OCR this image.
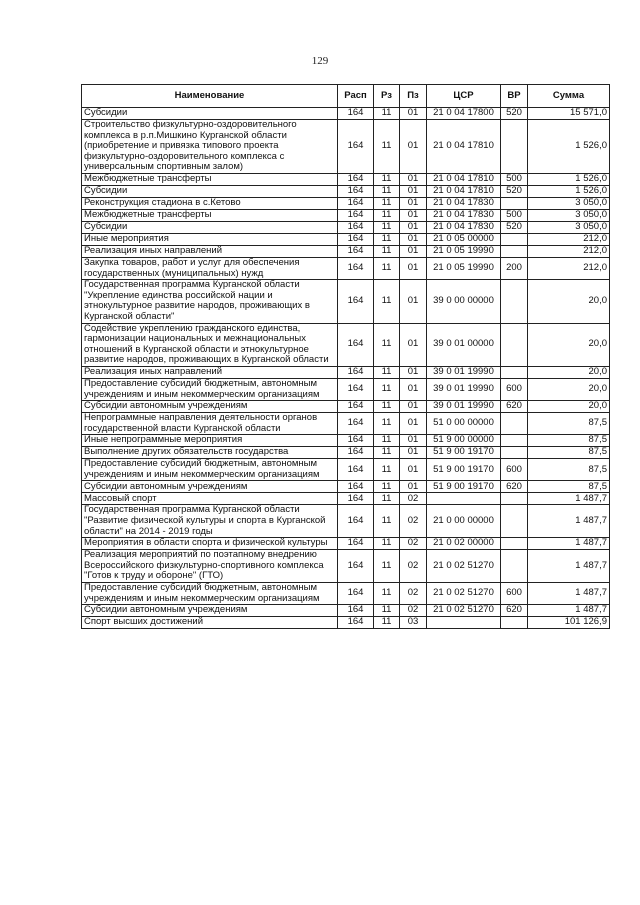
129
Наименование	Расп	Рз	Пз	ЦСР	ВР	Сумма
Субсидии	164	11	01	21 0 04 17800	520	15 571,0
Строительство физкультурно-оздоровительного комплекса в р.п.Мишкино Курганской области (приобретение и привязка типового проекта физкультурно-оздоровительного комплекса с универсальным спортивным залом)	164	11	01	21 0 04 17810		1 526,0
Межбюджетные трансферты	164	11	01	21 0 04 17810	500	1 526,0
Субсидии	164	11	01	21 0 04 17810	520	1 526,0
Реконструкция стадиона в с.Кетово	164	11	01	21 0 04 17830		3 050,0
Межбюджетные трансферты	164	11	01	21 0 04 17830	500	3 050,0
Субсидии	164	11	01	21 0 04 17830	520	3 050,0
Иные мероприятия	164	11	01	21 0 05 00000		212,0
Реализация иных направлений	164	11	01	21 0 05 19990		212,0
Закупка товаров, работ и услуг для обеспечения государственных (муниципальных) нужд	164	11	01	21 0 05 19990	200	212,0
Государственная программа Курганской области "Укрепление единства российской нации и этнокультурное развитие народов, проживающих в Курганской области"	164	11	01	39 0 00 00000		20,0
Содействие укреплению гражданского единства, гармонизации национальных и межнациональных отношений в Курганской области и этнокультурное развитие народов, проживающих в Курганской области	164	11	01	39 0 01 00000		20,0
Реализация иных направлений	164	11	01	39 0 01 19990		20,0
Предоставление субсидий бюджетным, автономным учреждениям и иным некоммерческим организациям	164	11	01	39 0 01 19990	600	20,0
Субсидии автономным учреждениям	164	11	01	39 0 01 19990	620	20,0
Непрограммные направления деятельности органов государственной власти Курганской области	164	11	01	51 0 00 00000		87,5
Иные непрограммные мероприятия	164	11	01	51 9 00 00000		87,5
Выполнение других обязательств государства	164	11	01	51 9 00 19170		87,5
Предоставление субсидий бюджетным, автономным учреждениям и иным некоммерческим организациям	164	11	01	51 9 00 19170	600	87,5
Субсидии автономным учреждениям	164	11	01	51 9 00 19170	620	87,5
Массовый спорт	164	11	02			1 487,7
Государственная программа Курганской области "Развитие физической культуры и спорта в Курганской области" на 2014 - 2019 годы	164	11	02	21 0 00 00000		1 487,7
Мероприятия в области спорта и физической культуры	164	11	02	21 0 02 00000		1 487,7
Реализация мероприятий по поэтапному внедрению Всероссийского физкультурно-спортивного комплекса "Готов к труду и обороне" (ГТО)	164	11	02	21 0 02 51270		1 487,7
Предоставление субсидий бюджетным, автономным учреждениям и иным некоммерческим организациям	164	11	02	21 0 02 51270	600	1 487,7
Субсидии автономным учреждениям	164	11	02	21 0 02 51270	620	1 487,7
Спорт высших достижений	164	11	03			101 126,9
